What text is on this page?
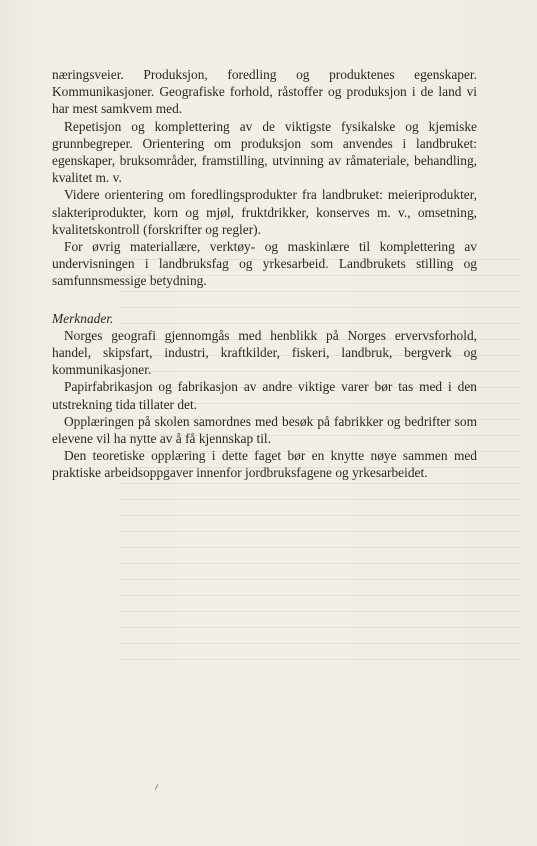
næringsveier. Produksjon, foredling og produktenes egenskaper. Kommunikasjoner. Geografiske forhold, råstoffer og produksjon i de land vi har mest samkvem med.

Repetisjon og komplettering av de viktigste fysikalske og kjemiske grunnbegreper. Orientering om produksjon som anvendes i landbruket: egenskaper, bruksområder, framstilling, utvinning av råmateriale, behandling, kvalitet m. v.

Videre orientering om foredlingsprodukter fra landbruket: meieriprodukter, slakteriprodukter, korn og mjøl, fruktdrikker, konserves m. v., omsetning, kvalitetskontroll (forskrifter og regler).

For øvrig materiallære, verktøy- og maskinlære til komplettering av undervisningen i landbruksfag og yrkesarbeid. Landbrukets stilling og samfunnsmessige betydning.

Merknader.

Norges geografi gjennomgås med henblikk på Norges ervervsforhold, handel, skipsfart, industri, kraftkilder, fiskeri, landbruk, bergverk og kommunikasjoner.

Papirfabrikasjon og fabrikasjon av andre viktige varer bør tas med i den utstrekning tida tillater det.

Opplæringen på skolen samordnes med besøk på fabrikker og bedrifter som elevene vil ha nytte av å få kjennskap til.

Den teoretiske opplæring i dette faget bør en knytte nøye sammen med praktiske arbeidsoppgaver innenfor jordbruksfagene og yrkesarbeidet.
